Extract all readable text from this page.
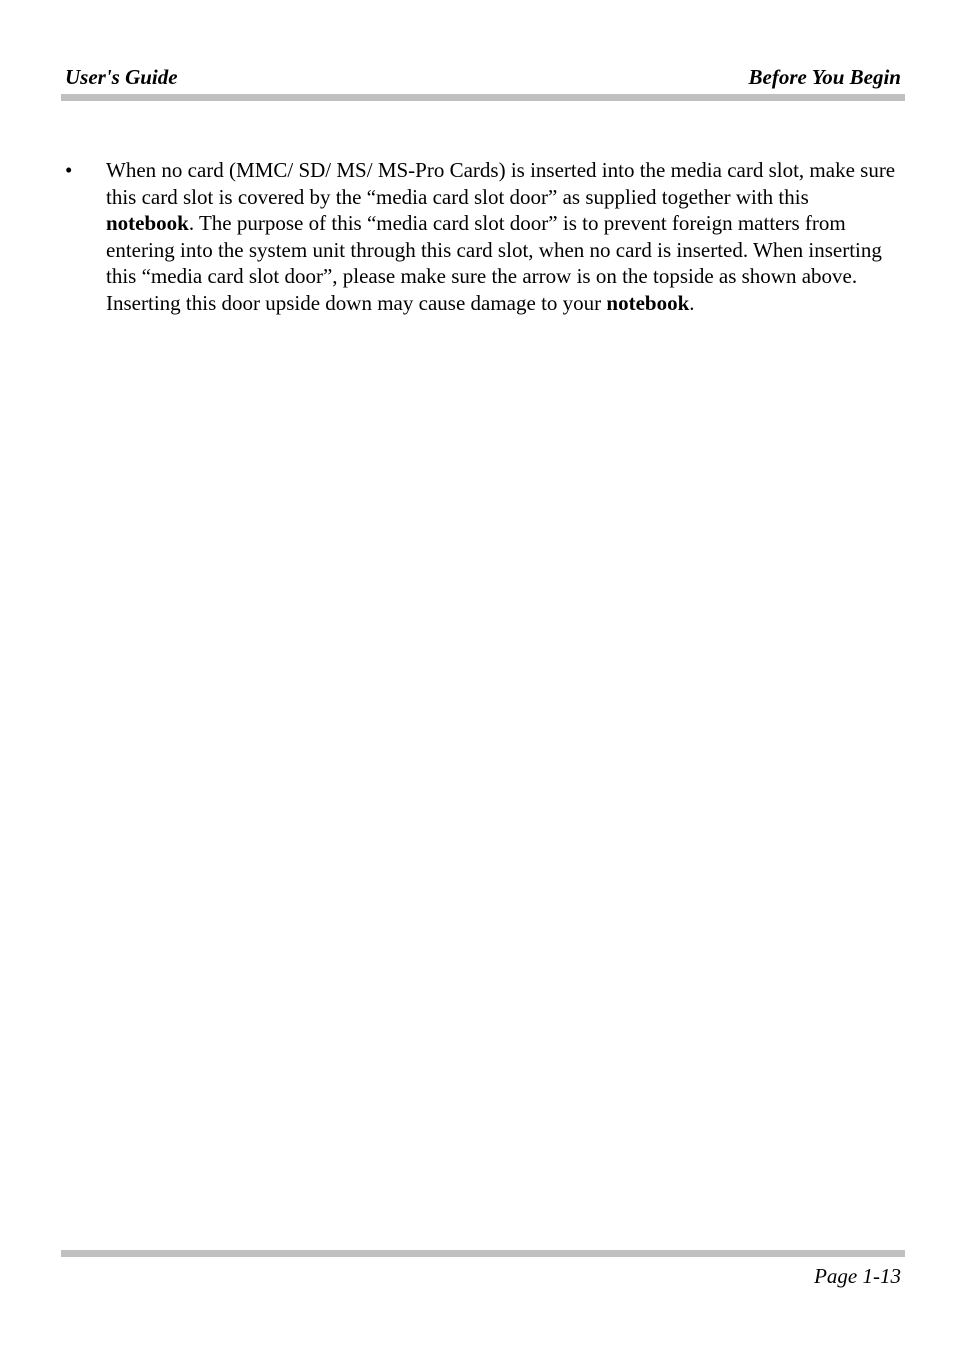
User's Guide	Before You Begin
• When no card (MMC/ SD/ MS/ MS-Pro Cards) is inserted into the media card slot, make sure this card slot is covered by the “media card slot door” as supplied together with this notebook. The purpose of this “media card slot door” is to prevent foreign matters from entering into the system unit through this card slot, when no card is inserted. When inserting this “media card slot door”, please make sure the arrow is on the topside as shown above. Inserting this door upside down may cause damage to your notebook.

Page 1-13
